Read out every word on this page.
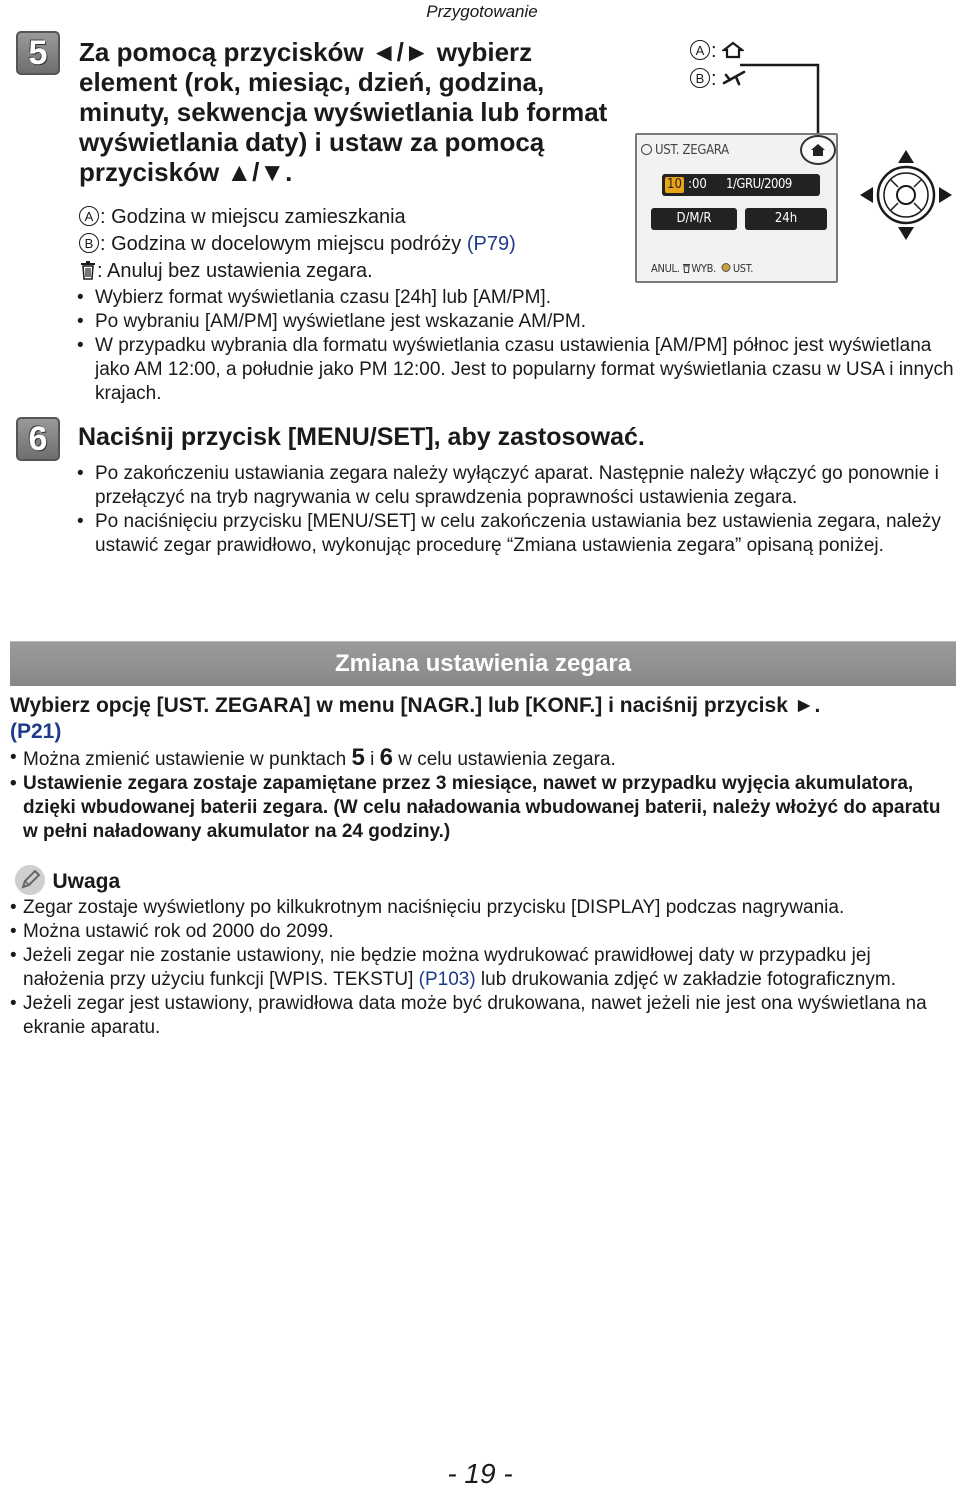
Przygotowanie
5	Za pomocą przycisków ◄/► wybierz
element (rok, miesiąc, dzień, godzina,
minuty, sekwencja wyświetlania lub format
wyświetlania daty) i ustaw za pomocą
przycisków ▲/▼.
A : Godzina w miejscu zamieszkania
B : Godzina w docelowym miejscu podróży (P79)
: Anuluj bez ustawienia zegara.
• Wybierz format wyświetlania czasu [24h] lub [AM/PM].
• Po wybraniu [AM/PM] wyświetlane jest wskazanie AM/PM.
• W przypadku wybrania dla formatu wyświetlania czasu ustawienia [AM/PM] północ jest wyświetlana jako AM 12:00, a południe jako PM 12:00. Jest to popularny format wyświetlania czasu w USA i innych krajach.
A :
B :
UST. ZEGARA
10 :00 1/GRU/2009
D/M/R	24h
ANUL. WYB. UST.
6	Naciśnij przycisk [MENU/SET], aby zastosować.
• Po zakończeniu ustawiania zegara należy wyłączyć aparat. Następnie należy włączyć go ponownie i przełączyć na tryb nagrywania w celu sprawdzenia poprawności ustawienia zegara.
• Po naciśnięciu przycisku [MENU/SET] w celu zakończenia ustawiania bez ustawienia zegara, należy ustawić zegar prawidłowo, wykonując procedurę “Zmiana ustawienia zegara” opisaną poniżej.
Zmiana ustawienia zegara
Wybierz opcję [UST. ZEGARA] w menu [NAGR.] lub [KONF.] i naciśnij przycisk ►.
(P21)
• Można zmienić ustawienie w punktach 5 i 6 w celu ustawienia zegara.
• Ustawienie zegara zostaje zapamiętane przez 3 miesiące, nawet w przypadku wyjęcia akumulatora, dzięki wbudowanej baterii zegara. (W celu naładowania wbudowanej baterii, należy włożyć do aparatu w pełni naładowany akumulator na 24 godziny.)
Uwaga
• Zegar zostaje wyświetlony po kilkukrotnym naciśnięciu przycisku [DISPLAY] podczas nagrywania.
• Można ustawić rok od 2000 do 2099.
• Jeżeli zegar nie zostanie ustawiony, nie będzie można wydrukować prawidłowej daty w przypadku jej nałożenia przy użyciu funkcji [WPIS. TEKSTU] (P103) lub drukowania zdjęć w zakładzie fotograficznym.
• Jeżeli zegar jest ustawiony, prawidłowa data może być drukowana, nawet jeżeli nie jest ona wyświetlana na ekranie aparatu.
- 19 -
